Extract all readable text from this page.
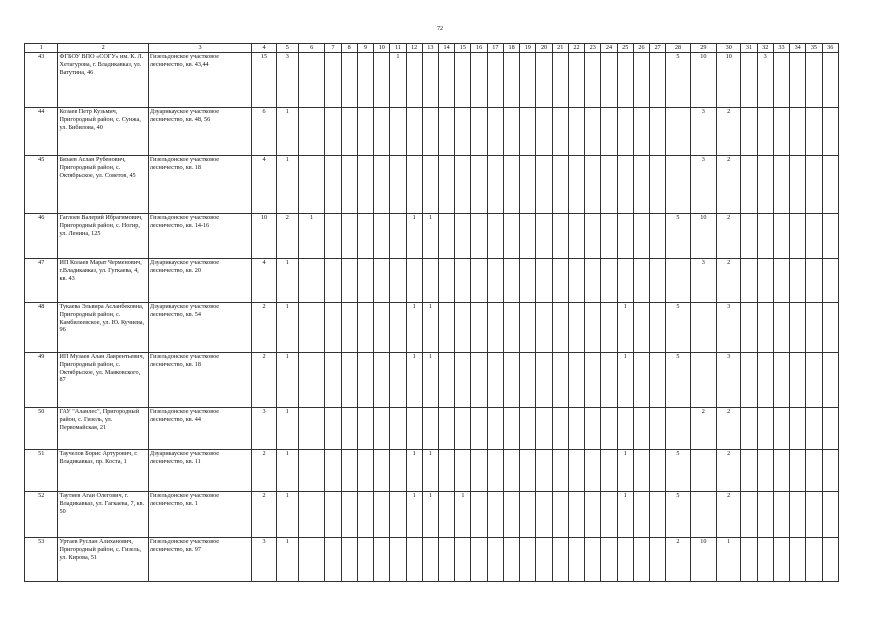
72
1	2	3	4	5	6	7	8	9	10	11	12	13	14	15	16	17	18	19	20	21	22	23	24	25	26	27	28	29	30	31	32	33	34	35	36
43	ФГБОУ ВПО «СОГУ» им. К. Л. Хетагурова, г. Владикавказ, ул. Ватутина, 46	Гизельдонское участковое лесничество, кв. 43,44	15	3						1																	5	10	10		3				
44	Козаев Петр Кузьмич, Пригородный район, с. Сунжа, ул. Бибилова, 40	Дзуарикауское участковое лесничество, кв. 48, 56	6	1																								3	2						
45	Бязаев Аслан Рубенович, Пригородный район, с. Октябрьское, ул. Советов, 45	Гизельдонское участковое лесничество, кв. 18	4	1																								3	2						
46	Гаглоев Валерий Ибрагимович, Пригородный район, с. Ногир, ул. Ленина, 125	Гизельдонское участковое лесничество, кв. 14-16	10	2	1						1	1															5	10	2						
47	ИП Колаев Марат Черменович, г.Владикавказ, ул. Гугкаева, 4, кв. 43	Дзуарикауское участковое лесничество, кв. 20	4	1																								3	2						
48	Тукаева Эльвира Асланбековна, Пригородный район, с. Камбилеевское, ул. Ю. Кучиева, 96	Дзуарикауское участковое лесничество, кв. 54	2	1							1	1												1			5		3						
49	ИП Музаев Алан Лаврентьевич, Пригородный район, с. Октябрьское, ул. Маяковского, 87	Гизельдонское участковое лесничество, кв. 18	2	1							1	1												1			5		3						
50	ГАУ "Аланлес", Пригородный район, с. Гизель, ул. Первомайская, 21	Гизельдонское участковое лесничество, кв. 44	3	1																								2	2						
51	Таучелов Борис Артурович, г. Владикавказ, пр. Коста, 1	Дзуарикауское участковое лесничество, кв. 11	2	1							1	1												1			5		2						
52	Таутиев Агаи Олегович, г. Владикавказ, ул. Гагкаева, 7, кв. 50	Гизельдонское участковое лесничество, кв. 1	2	1							1	1		1										1			5		2						
53	Уртаев Руслан Алиханович, Пригородный район, с. Гизель, ул. Кирова, 51	Гизельдонское участковое лесничество, кв. 97	3	1																							2	10	1						
